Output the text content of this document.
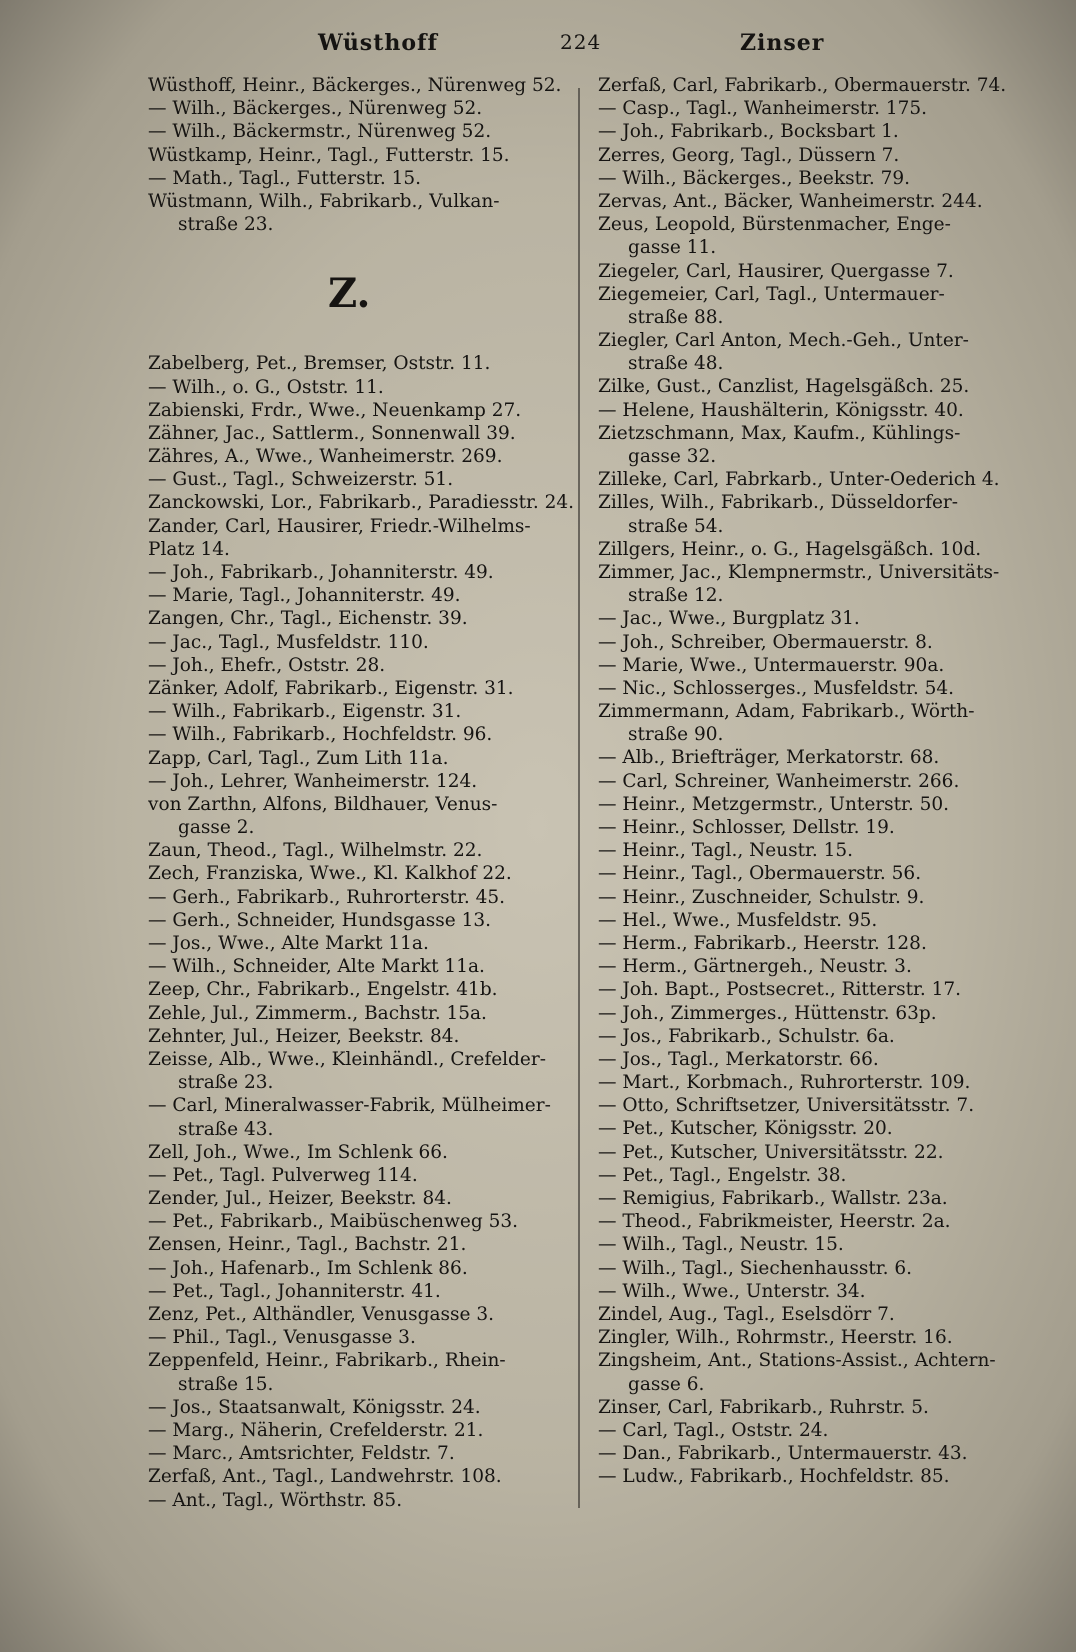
Wüsthoff	224	Zinser
Wüsthoff, Heinr., Bäckerges., Nürenweg 52.
— Wilh., Bäckerges., Nürenweg 52.
— Wilh., Bäckermstr., Nürenweg 52.
Wüstkamp, Heinr., Tagl., Futterstr. 15.
— Math., Tagl., Futterstr. 15.
Wüstmann, Wilh., Fabrikarb., Vulkan-
straße 23.
Z.
Zabelberg, Pet., Bremser, Oststr. 11.
— Wilh., o. G., Oststr. 11.
Zabienski, Frdr., Wwe., Neuenkamp 27.
Zähner, Jac., Sattlerm., Sonnenwall 39.
Zähres, A., Wwe., Wanheimerstr. 269.
— Gust., Tagl., Schweizerstr. 51.
Zanckowski, Lor., Fabrikarb., Paradiesstr. 24.
Zander, Carl, Hausirer, Friedr.-Wilhelms-
Platz 14.
— Joh., Fabrikarb., Johanniterstr. 49.
— Marie, Tagl., Johanniterstr. 49.
Zangen, Chr., Tagl., Eichenstr. 39.
— Jac., Tagl., Musfeldstr. 110.
— Joh., Ehefr., Oststr. 28.
Zänker, Adolf, Fabrikarb., Eigenstr. 31.
— Wilh., Fabrikarb., Eigenstr. 31.
— Wilh., Fabrikarb., Hochfeldstr. 96.
Zapp, Carl, Tagl., Zum Lith 11a.
— Joh., Lehrer, Wanheimerstr. 124.
von Zarthn, Alfons, Bildhauer, Venus-
gasse 2.
Zaun, Theod., Tagl., Wilhelmstr. 22.
Zech, Franziska, Wwe., Kl. Kalkhof 22.
— Gerh., Fabrikarb., Ruhrorterstr. 45.
— Gerh., Schneider, Hundsgasse 13.
— Jos., Wwe., Alte Markt 11a.
— Wilh., Schneider, Alte Markt 11a.
Zeep, Chr., Fabrikarb., Engelstr. 41b.
Zehle, Jul., Zimmerm., Bachstr. 15a.
Zehnter, Jul., Heizer, Beekstr. 84.
Zeisse, Alb., Wwe., Kleinhändl., Crefelder-
straße 23.
— Carl, Mineralwasser-Fabrik, Mülheimer-
straße 43.
Zell, Joh., Wwe., Im Schlenk 66.
— Pet., Tagl. Pulverweg 114.
Zender, Jul., Heizer, Beekstr. 84.
— Pet., Fabrikarb., Maibüschenweg 53.
Zensen, Heinr., Tagl., Bachstr. 21.
— Joh., Hafenarb., Im Schlenk 86.
— Pet., Tagl., Johanniterstr. 41.
Zenz, Pet., Althändler, Venusgasse 3.
— Phil., Tagl., Venusgasse 3.
Zeppenfeld, Heinr., Fabrikarb., Rhein-
straße 15.
— Jos., Staatsanwalt, Königsstr. 24.
— Marg., Näherin, Crefelderstr. 21.
— Marc., Amtsrichter, Feldstr. 7.
Zerfaß, Ant., Tagl., Landwehrstr. 108.
— Ant., Tagl., Wörthstr. 85.
Zerfaß, Carl, Fabrikarb., Obermauerstr. 74.
— Casp., Tagl., Wanheimerstr. 175.
— Joh., Fabrikarb., Bocksbart 1.
Zerres, Georg, Tagl., Düssern 7.
— Wilh., Bäckerges., Beekstr. 79.
Zervas, Ant., Bäcker, Wanheimerstr. 244.
Zeus, Leopold, Bürstenmacher, Enge-
gasse 11.
Ziegeler, Carl, Hausirer, Quergasse 7.
Ziegemeier, Carl, Tagl., Untermauer-
straße 88.
Ziegler, Carl Anton, Mech.-Geh., Unter-
straße 48.
Zilke, Gust., Canzlist, Hagelsgäßch. 25.
— Helene, Haushälterin, Königsstr. 40.
Zietzschmann, Max, Kaufm., Kühlings-
gasse 32.
Zilleke, Carl, Fabrkarb., Unter-Oederich 4.
Zilles, Wilh., Fabrikarb., Düsseldorfer-
straße 54.
Zillgers, Heinr., o. G., Hagelsgäßch. 10d.
Zimmer, Jac., Klempnermstr., Universitäts-
straße 12.
— Jac., Wwe., Burgplatz 31.
— Joh., Schreiber, Obermauerstr. 8.
— Marie, Wwe., Untermauerstr. 90a.
— Nic., Schlosserges., Musfeldstr. 54.
Zimmermann, Adam, Fabrikarb., Wörth-
straße 90.
— Alb., Briefträger, Merkatorstr. 68.
— Carl, Schreiner, Wanheimerstr. 266.
— Heinr., Metzgermstr., Unterstr. 50.
— Heinr., Schlosser, Dellstr. 19.
— Heinr., Tagl., Neustr. 15.
— Heinr., Tagl., Obermauerstr. 56.
— Heinr., Zuschneider, Schulstr. 9.
— Hel., Wwe., Musfeldstr. 95.
— Herm., Fabrikarb., Heerstr. 128.
— Herm., Gärtnergeh., Neustr. 3.
— Joh. Bapt., Postsecret., Ritterstr. 17.
— Joh., Zimmerges., Hüttenstr. 63p.
— Jos., Fabrikarb., Schulstr. 6a.
— Jos., Tagl., Merkatorstr. 66.
— Mart., Korbmach., Ruhrorterstr. 109.
— Otto, Schriftsetzer, Universitätsstr. 7.
— Pet., Kutscher, Königsstr. 20.
— Pet., Kutscher, Universitätsstr. 22.
— Pet., Tagl., Engelstr. 38.
— Remigius, Fabrikarb., Wallstr. 23a.
— Theod., Fabrikmeister, Heerstr. 2a.
— Wilh., Tagl., Neustr. 15.
— Wilh., Tagl., Siechenhausstr. 6.
— Wilh., Wwe., Unterstr. 34.
Zindel, Aug., Tagl., Eselsdörr 7.
Zingler, Wilh., Rohrmstr., Heerstr. 16.
Zingsheim, Ant., Stations-Assist., Achtern-
gasse 6.
Zinser, Carl, Fabrikarb., Ruhrstr. 5.
— Carl, Tagl., Oststr. 24.
— Dan., Fabrikarb., Untermauerstr. 43.
— Ludw., Fabrikarb., Hochfeldstr. 85.
